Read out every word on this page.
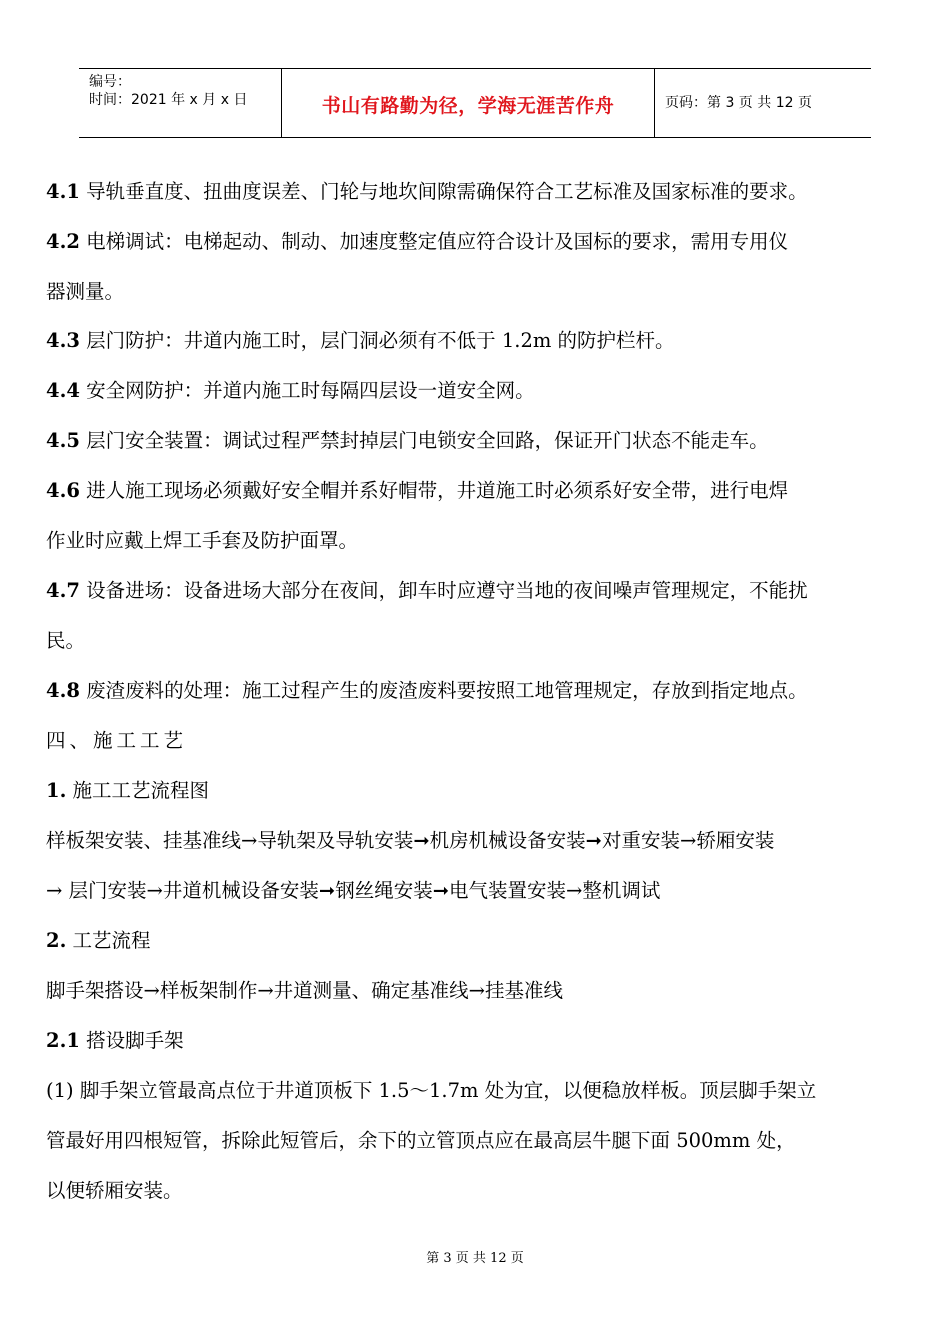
编号：
时间：2021 年 x 月 x 日	书山有路勤为径，学海无涯苦作舟	页码：第 3 页 共 12 页
4.1 导轨垂直度、扭曲度误差、门轮与地坎间隙需确保符合工艺标准及国家标准的要求。
4.2 电梯调试：电梯起动、制动、加速度整定值应符合设计及国标的要求，需用专用仪
器测量。
4.3 层门防护：井道内施工时，层门洞必须有不低于 1.2m 的防护栏杆。
4.4 安全网防护：并道内施工时每隔四层设一道安全网。
4.5 层门安全装置：调试过程严禁封掉层门电锁安全回路，保证开门状态不能走车。
4.6 进人施工现场必须戴好安全帽并系好帽带，井道施工时必须系好安全带，进行电焊
作业时应戴上焊工手套及防护面罩。
4.7 设备进场：设备进场大部分在夜间，卸车时应遵守当地的夜间噪声管理规定，不能扰
民。
4.8 废渣废料的处理：施工过程产生的废渣废料要按照工地管理规定，存放到指定地点。
四、施工工艺
1. 施工工艺流程图
样板架安装、挂基准线→导轨架及导轨安装➞机房机械设备安装➞对重安装→轿厢安装
→ 层门安装→井道机械设备安装➞钢丝绳安装➞电气装置安装→整机调试
2. 工艺流程
脚手架搭设→样板架制作→井道测量、确定基准线→挂基准线
2.1 搭设脚手架
(1) 脚手架立管最高点位于井道顶板下 1.5～1.7m 处为宜，以便稳放样板。顶层脚手架立
管最好用四根短管，拆除此短管后，余下的立管顶点应在最高层牛腿下面 500mm 处，
以便轿厢安装。
第 3 页 共 12 页
